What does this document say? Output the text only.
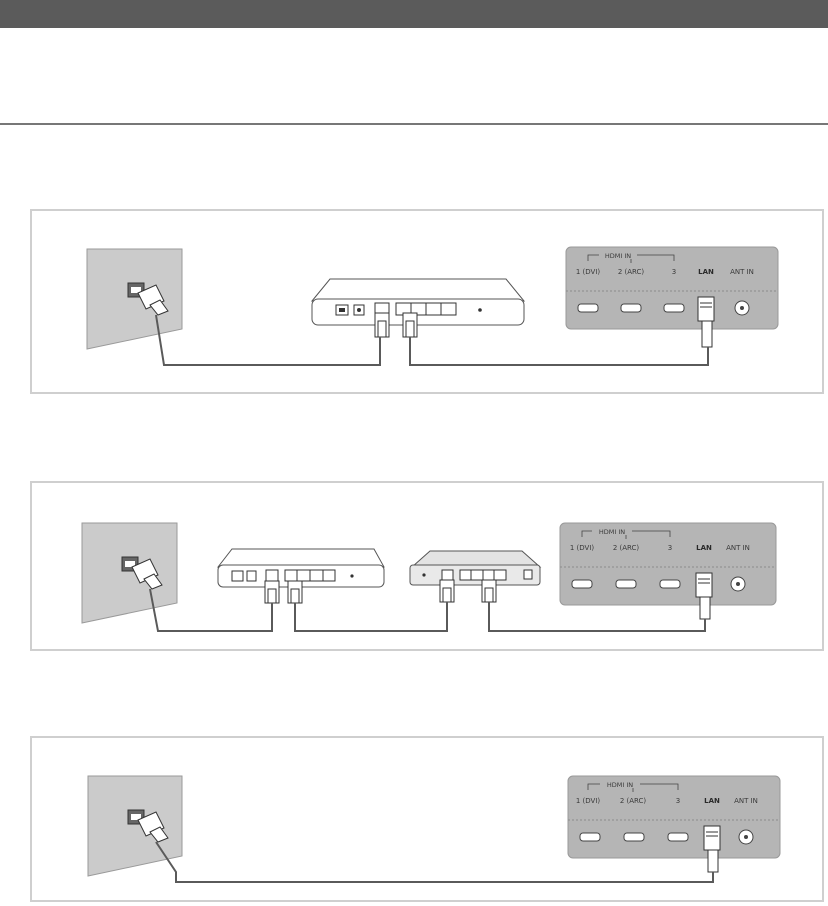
HDMI IN
1 (DVI)	2 (ARC)	3	LAN ANT IN
HDMI IN
1 (DVI)	2 (ARC)	3	LAN ANT IN
HDMI IN
1 (DVI)	2 (ARC)	3	LAN ANT IN
